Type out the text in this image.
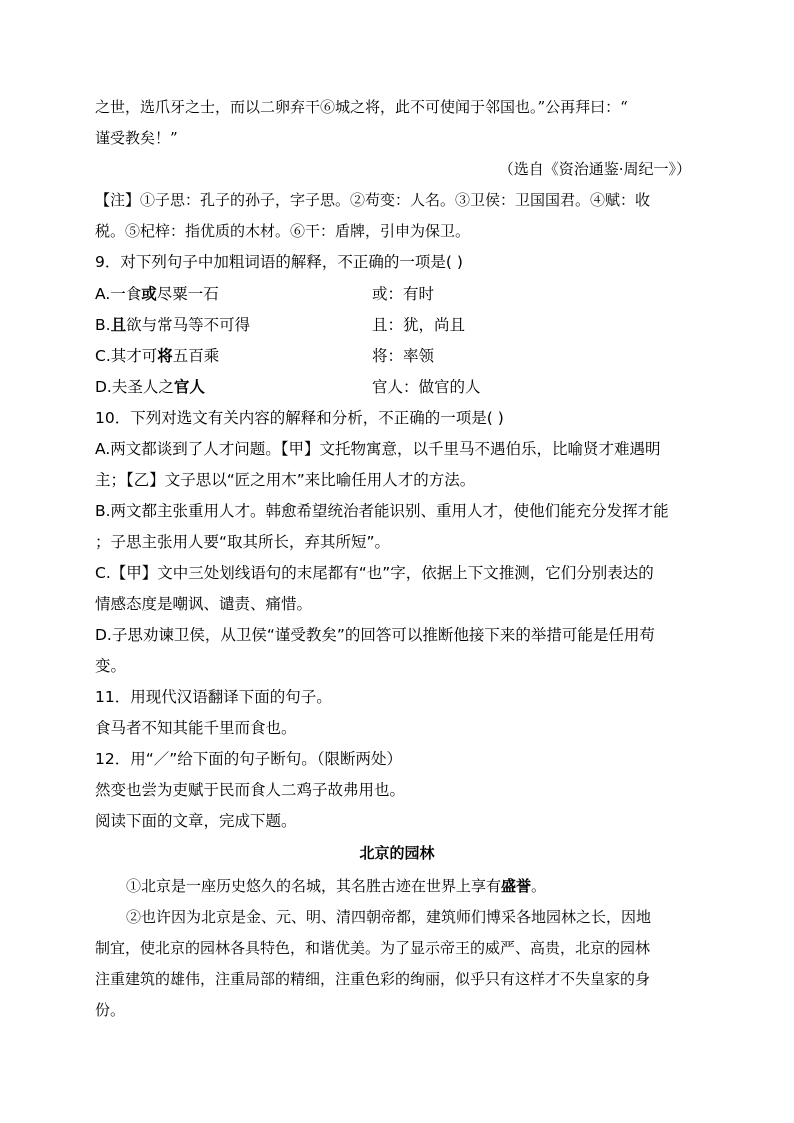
之世，选爪牙之士，而以二卵弃干⑥城之将，此不可使闻于邻国也。”公再拜曰：“
谨受教矣！”
（选自《资治通鉴·周纪一》）
【注】①子思：孔子的孙子，字子思。②苟变：人名。③卫侯：卫国国君。④赋：收
税。⑤杞梓：指优质的木材。⑥干：盾牌，引申为保卫。
9．对下列句子中加粗词语的解释，不正确的一项是( )
A.一食或尽粟一石	或：有时
B.且欲与常马等不可得	且：犹，尚且
C.其才可将五百乘	将：率领
D.夫圣人之官人	官人：做官的人
10．下列对选文有关内容的解释和分析，不正确的一项是( )
A.两文都谈到了人才问题。【甲】文托物寓意，以千里马不遇伯乐，比喻贤才难遇明
主；【乙】文子思以“匠之用木”来比喻任用人才的方法。
B.两文都主张重用人才。韩愈希望统治者能识别、重用人才，使他们能充分发挥才能
；子思主张用人要“取其所长，弃其所短”。
C.【甲】文中三处划线语句的末尾都有“也”字，依据上下文推测，它们分别表达的
情感态度是嘲讽、谴责、痛惜。
D.子思劝谏卫侯，从卫侯“谨受教矣”的回答可以推断他接下来的举措可能是任用苟
变。
11．用现代汉语翻译下面的句子。
食马者不知其能千里而食也。
12．用“／”给下面的句子断句。（限断两处）
然变也尝为吏赋于民而食人二鸡子故弗用也。
阅读下面的文章，完成下题。
北京的园林
①北京是一座历史悠久的名城，其名胜古迹在世界上享有盛誉。
②也许因为北京是金、元、明、清四朝帝都，建筑师们博采各地园林之长，因地
制宜，使北京的园林各具特色，和谐优美。为了显示帝王的威严、高贵，北京的园林
注重建筑的雄伟，注重局部的精细，注重色彩的绚丽，似乎只有这样才不失皇家的身
份。
